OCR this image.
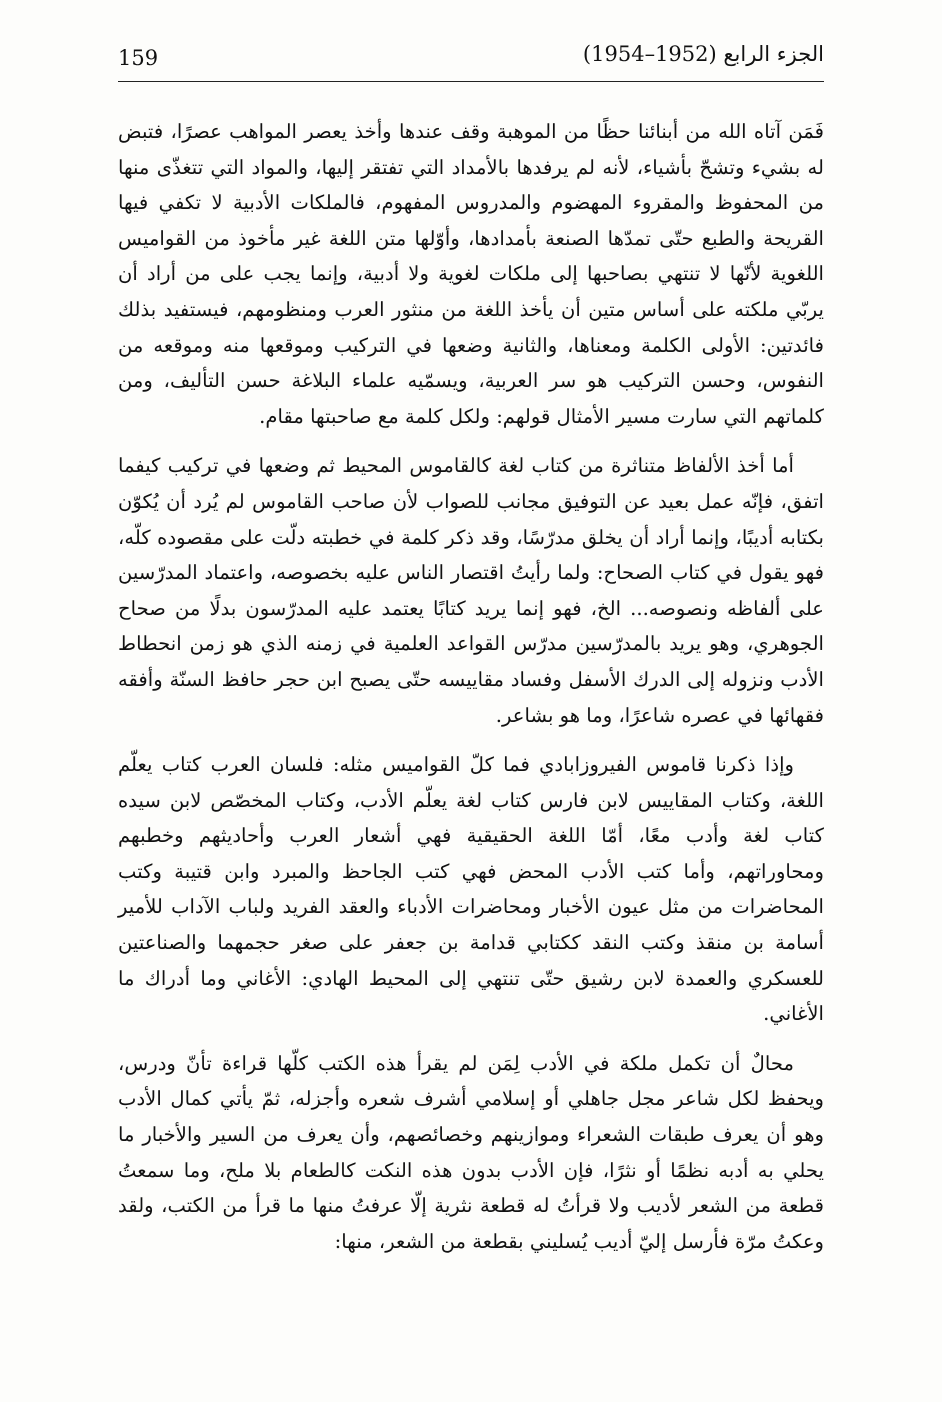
159	الجزء الرابع (1952–1954)

فَمَن آتاه الله من أبنائنا حظًا من الموهبة وقف عندها وأخذ يعصر المواهب عصرًا، فتبض له بشيء وتشحّ بأشياء، لأنه لم يرفدها بالأمداد التي تفتقر إليها، والمواد التي تتغذّى منها من المحفوظ والمقروء المهضوم والمدروس المفهوم، فالملكات الأدبية لا تكفي فيها القريحة والطبع حتّى تمدّها الصنعة بأمدادها، وأوّلها متن اللغة غير مأخوذ من القواميس اللغوية لأنّها لا تنتهي بصاحبها إلى ملكات لغوية ولا أدبية، وإنما يجب على من أراد أن يربّي ملكته على أساس متين أن يأخذ اللغة من منثور العرب ومنظومهم، فيستفيد بذلك فائدتين: الأولى الكلمة ومعناها، والثانية وضعها في التركيب وموقعها منه وموقعه من النفوس، وحسن التركيب هو سر العربية، ويسمّيه علماء البلاغة حسن التأليف، ومن كلماتهم التي سارت مسير الأمثال قولهم: ولكل كلمة مع صاحبتها مقام.

أما أخذ الألفاظ متناثرة من كتاب لغة كالقاموس المحيط ثم وضعها في تركيب كيفما اتفق، فإنّه عمل بعيد عن التوفيق مجانب للصواب لأن صاحب القاموس لم يُرد أن يُكوّن بكتابه أديبًا، وإنما أراد أن يخلق مدرّسًا، وقد ذكر كلمة في خطبته دلّت على مقصوده كلّه، فهو يقول في كتاب الصحاح: ولما رأيتُ اقتصار الناس عليه بخصوصه، واعتماد المدرّسين على ألفاظه ونصوصه... الخ، فهو إنما يريد كتابًا يعتمد عليه المدرّسون بدلًا من صحاح الجوهري، وهو يريد بالمدرّسين مدرّس القواعد العلمية في زمنه الذي هو زمن انحطاط الأدب ونزوله إلى الدرك الأسفل وفساد مقاييسه حتّى يصبح ابن حجر حافظ السنّة وأفقه فقهائها في عصره شاعرًا، وما هو بشاعر.

وإذا ذكرنا قاموس الفيروزابادي فما كلّ القواميس مثله: فلسان العرب كتاب يعلّم اللغة، وكتاب المقاييس لابن فارس كتاب لغة يعلّم الأدب، وكتاب المخصّص لابن سيده كتاب لغة وأدب معًا، أمّا اللغة الحقيقية فهي أشعار العرب وأحاديثهم وخطبهم ومحاوراتهم، وأما كتب الأدب المحض فهي كتب الجاحظ والمبرد وابن قتيبة وكتب المحاضرات من مثل عيون الأخبار ومحاضرات الأدباء والعقد الفريد ولباب الآداب للأمير أسامة بن منقذ وكتب النقد ككتابي قدامة بن جعفر على صغر حجمهما والصناعتين للعسكري والعمدة لابن رشيق حتّى تنتهي إلى المحيط الهادي: الأغاني وما أدراك ما الأغاني.

محالٌ أن تكمل ملكة في الأدب لِمَن لم يقرأ هذه الكتب كلّها قراءة تأنّ ودرس، ويحفظ لكل شاعر مجل جاهلي أو إسلامي أشرف شعره وأجزله، ثمّ يأتي كمال الأدب وهو أن يعرف طبقات الشعراء وموازينهم وخصائصهم، وأن يعرف من السير والأخبار ما يحلي به أدبه نظمًا أو نثرًا، فإن الأدب بدون هذه النكت كالطعام بلا ملح، وما سمعتُ قطعة من الشعر لأديب ولا قرأتُ له قطعة نثرية إلّا عرفتُ منها ما قرأ من الكتب، ولقد وعكتُ مرّة فأرسل إليّ أديب يُسليني بقطعة من الشعر، منها:
